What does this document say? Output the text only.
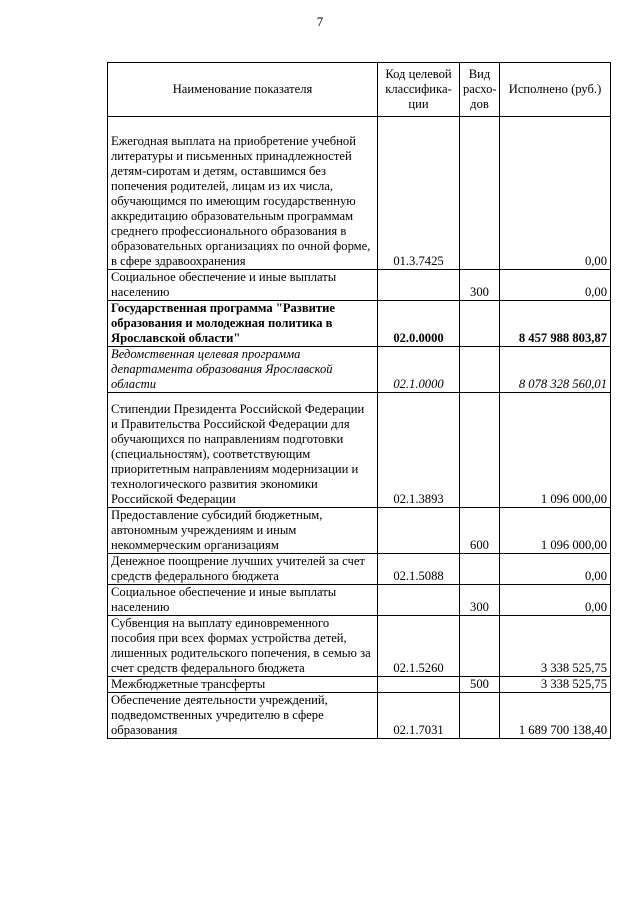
7
Наименование показателя	Код целевой классифика-ции	Вид расхо-дов	Исполнено (руб.)
Ежегодная выплата на приобретение учебной литературы и письменных принадлежностей детям-сиротам и детям, оставшимся без попечения родителей, лицам из их числа, обучающимся по имеющим государственную аккредитацию образовательным программам среднего профессионального образования в образовательных организациях по очной форме, в сфере здравоохранения	01.3.7425		0,00
Социальное обеспечение и иные выплаты населению		300	0,00
Государственная программа "Развитие образования и молодежная политика в Ярославской области"	02.0.0000		8 457 988 803,87
Ведомственная целевая программа департамента образования Ярославской области	02.1.0000		8 078 328 560,01
Стипендии Президента Российской Федерации и Правительства Российской Федерации для обучающихся по направлениям подготовки (специальностям), соответствующим приоритетным направлениям модернизации и технологического развития экономики Российской Федерации	02.1.3893		1 096 000,00
Предоставление субсидий бюджетным, автономным учреждениям и иным некоммерческим организациям		600	1 096 000,00
Денежное поощрение лучших учителей за счет средств федерального бюджета	02.1.5088		0,00
Социальное обеспечение и иные выплаты населению		300	0,00
Субвенция на выплату единовременного пособия при всех формах устройства детей, лишенных родительского попечения, в семью за счет средств федерального бюджета	02.1.5260		3 338 525,75
Межбюджетные трансферты		500	3 338 525,75
Обеспечение деятельности учреждений, подведомственных учредителю в сфере образования	02.1.7031		1 689 700 138,40
